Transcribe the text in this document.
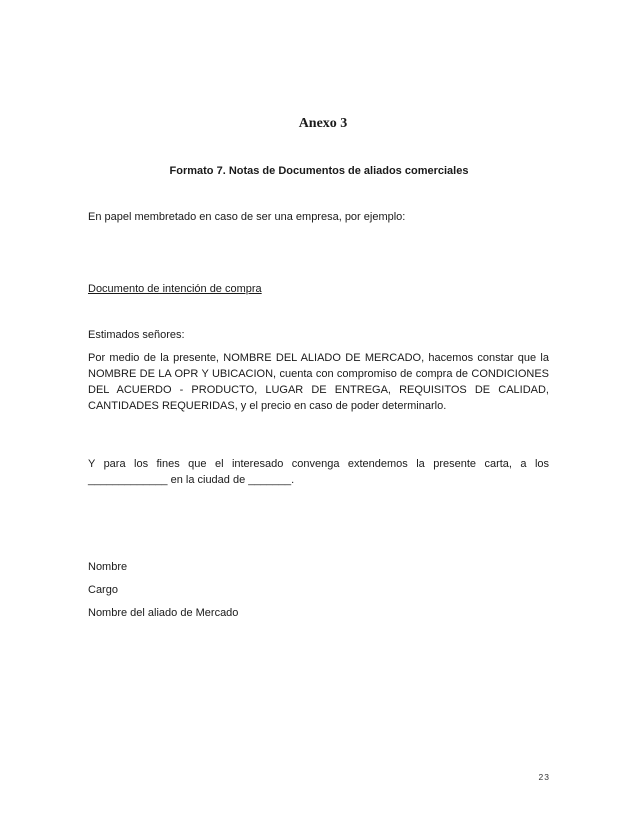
Anexo 3

Formato 7. Notas de Documentos de aliados comerciales

En papel membretado en caso de ser una empresa, por ejemplo:

Documento de intención de compra

Estimados señores:

Por medio de la presente, NOMBRE DEL ALIADO DE MERCADO, hacemos constar que la NOMBRE DE LA OPR Y UBICACION, cuenta con compromiso de compra de CONDICIONES DEL ACUERDO - PRODUCTO, LUGAR DE ENTREGA, REQUISITOS DE CALIDAD, CANTIDADES REQUERIDAS, y el precio en caso de poder determinarlo.

Y para los fines que el interesado convenga extendemos la presente carta, a los _____________ en la ciudad de _______.

Nombre

Cargo

Nombre del aliado de Mercado

23
